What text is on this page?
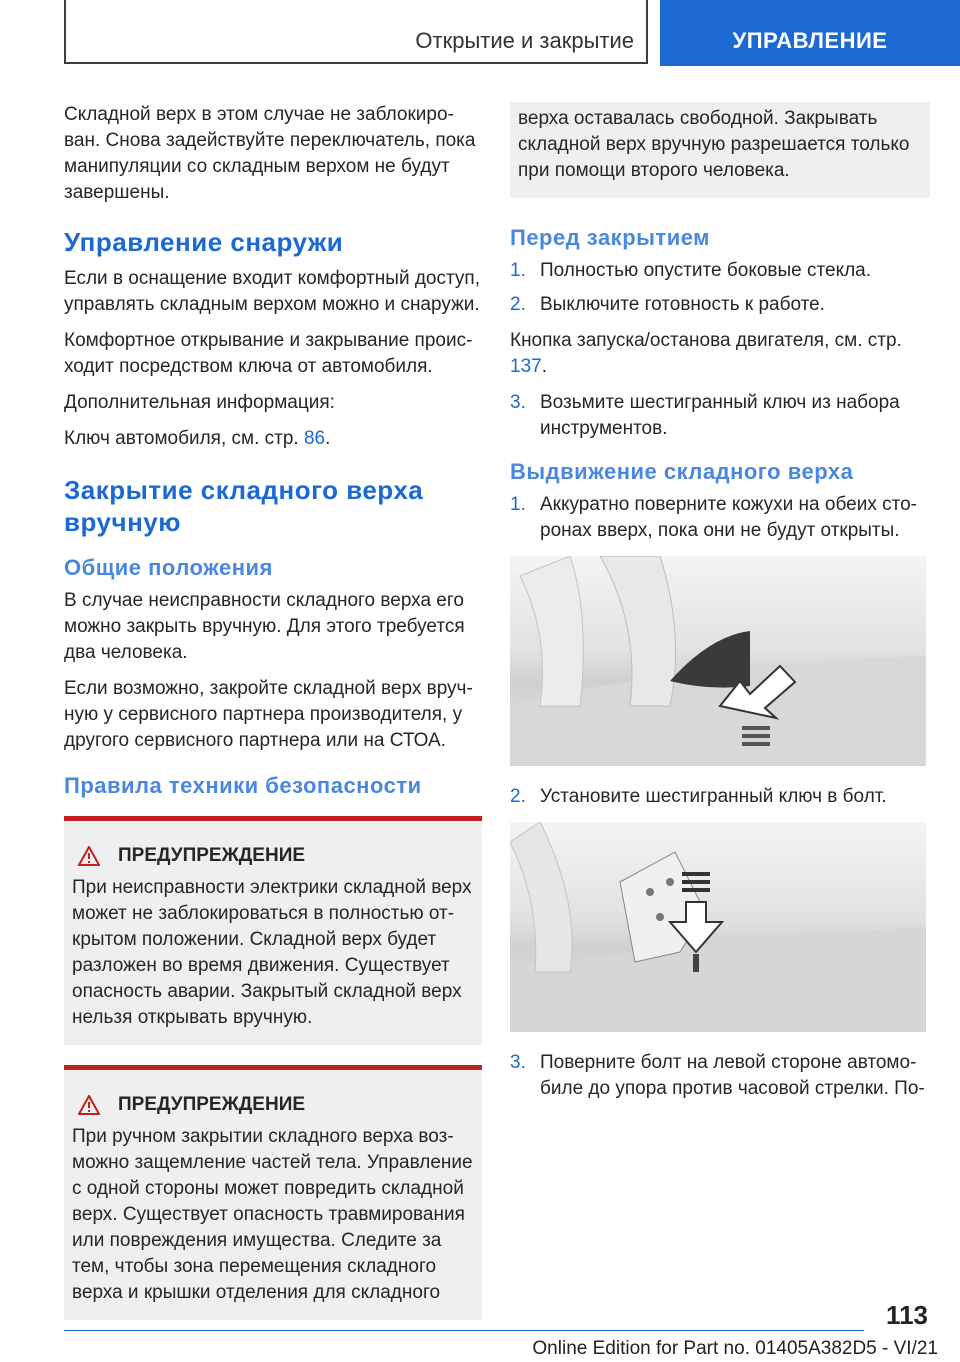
Открытие и закрытие	УПРАВЛЕНИЕ

Складной верх в этом случае не заблокиро-ван. Снова задействуйте переключатель, пока манипуляции со складным верхом не будут завершены.

Управление снаружи

Если в оснащение входит комфортный доступ, управлять складным верхом можно и снаружи.

Комфортное открывание и закрывание проис-ходит посредством ключа от автомобиля.

Дополнительная информация:

Ключ автомобиля, см. стр. 86.

Закрытие складного верха вручную
Общие положения

В случае неисправности складного верха его можно закрыть вручную. Для этого требуется два человека.

Если возможно, закройте складной верх вруч-ную у сервисного партнера производителя, у другого сервисного партнера или на СТОА.

Правила техники безопасности
ПРЕДУПРЕЖДЕНИЕ
При неисправности электрики складной верх может не заблокироваться в полностью от-крытом положении. Складной верх будет разложен во время движения. Существует опасность аварии. Закрытый складной верх нельзя открывать вручную.
ПРЕДУПРЕЖДЕНИЕ
При ручном закрытии складного верха воз-можно защемление частей тела. Управление с одной стороны может повредить складной верх. Существует опасность травмирования или повреждения имущества. Следите за тем, чтобы зона перемещения складного верха и крышки отделения для складного
верха оставалась свободной. Закрывать складной верх вручную разрешается только при помощи второго человека.
Перед закрытием
1. Полностью опустите боковые стекла.
2. Выключите готовность к работе.

Кнопка запуска/останова двигателя, см. стр. 137.

3. Возьмите шестигранный ключ из набора инструментов.
Выдвижение складного верха
1. Аккуратно поверните кожухи на обеих сто-ронах вверх, пока они не будут открыты.
2. Установите шестигранный ключ в болт.
3. Поверните болт на левой стороне автомо-биле до упора против часовой стрелки. По-
113
Online Edition for Part no. 01405A382D5 - VI/21
